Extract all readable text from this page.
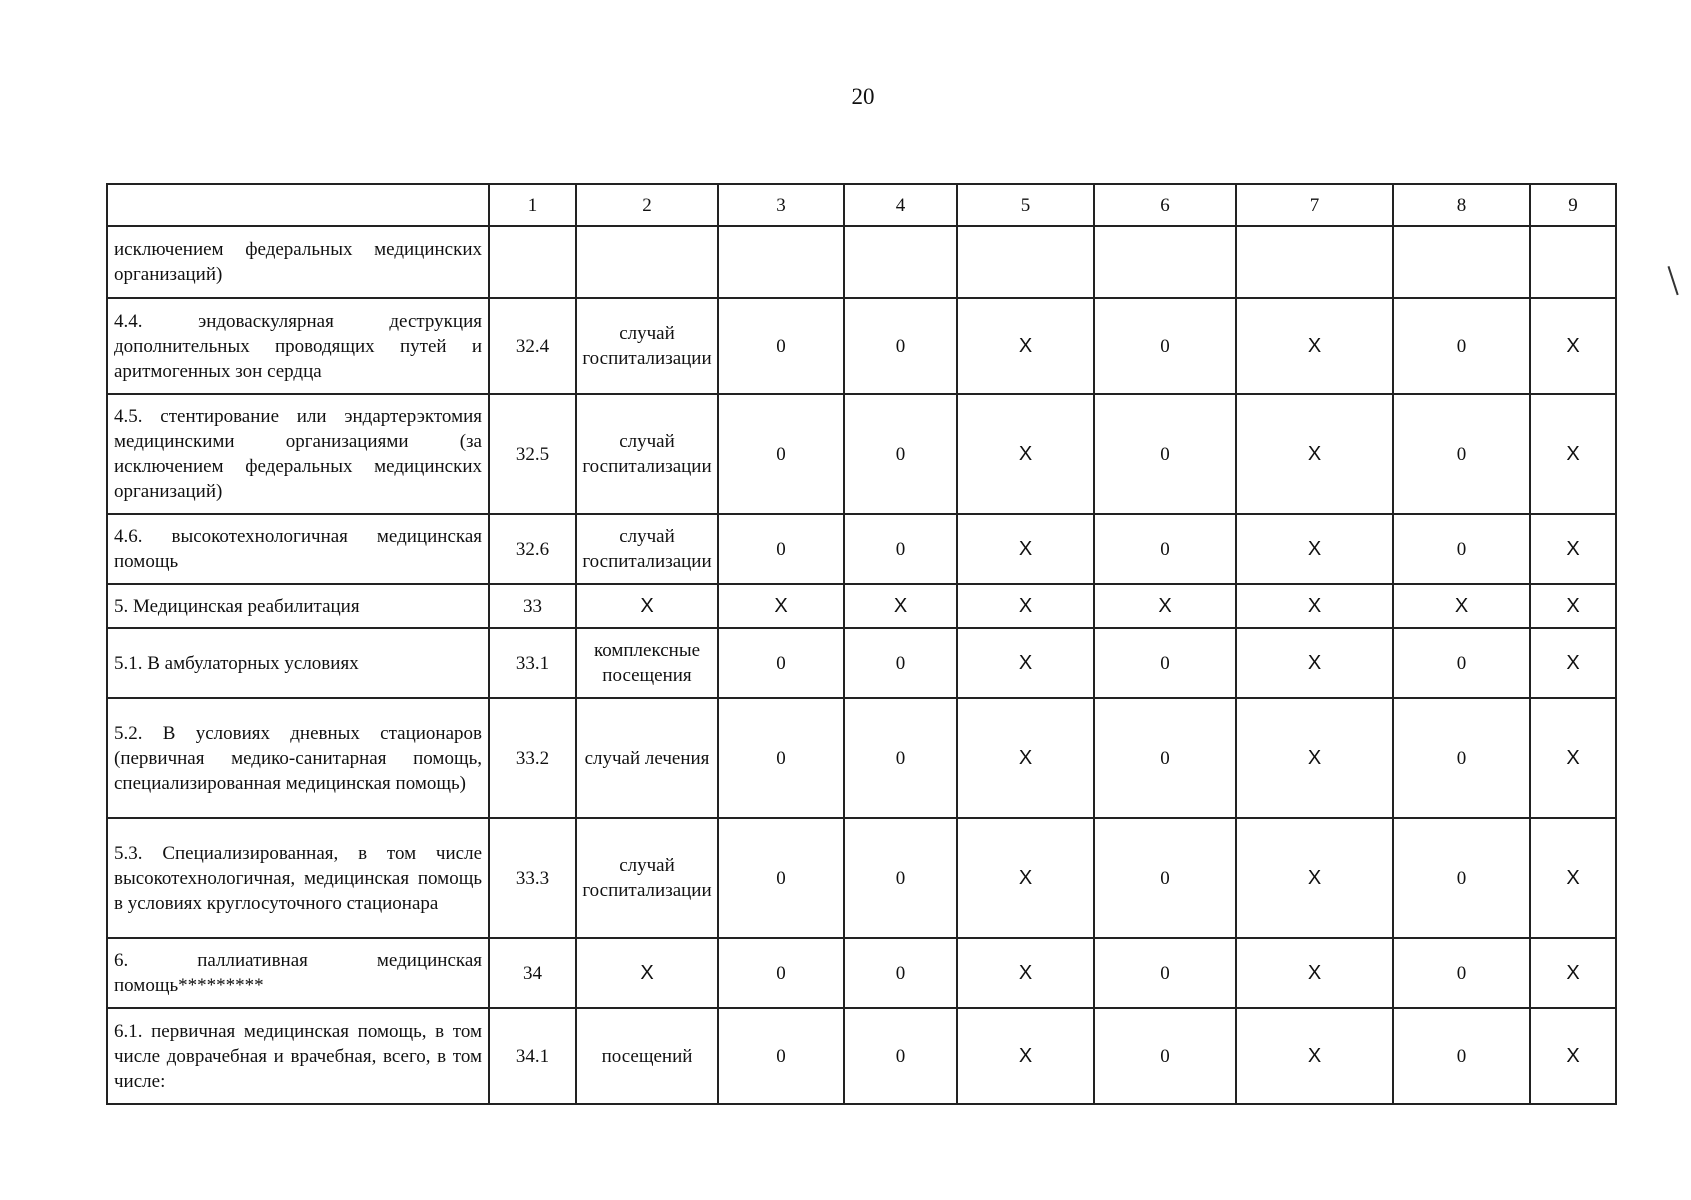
20
	1	2	3	4	5	6	7	8	9
исключением федеральных медицинских организаций)									
4.4. эндоваскулярная деструкция дополнительных проводящих путей и аритмогенных зон сердца	32.4	случай госпитализации	0	0	Х	0	Х	0	Х
4.5. стентирование или эндартерэктомия медицинскими организациями (за исключением федеральных медицинских организаций)	32.5	случай госпитализации	0	0	Х	0	Х	0	Х
4.6. высокотехнологичная медицинская помощь	32.6	случай госпитализации	0	0	Х	0	Х	0	Х
5. Медицинская реабилитация	33	Х	Х	Х	Х	Х	Х	Х	Х
5.1. В амбулаторных условиях	33.1	комплексные посещения	0	0	Х	0	Х	0	Х
5.2. В условиях дневных стационаров (первичная медико-санитарная помощь, специализированная медицинская помощь)	33.2	случай лечения	0	0	Х	0	Х	0	Х
5.3. Специализированная, в том числе высокотехнологичная, медицинская помощь в условиях круглосуточного стационара	33.3	случай госпитализации	0	0	Х	0	Х	0	Х
6. паллиативная медицинская помощь*********	34	Х	0	0	Х	0	Х	0	Х
6.1. первичная медицинская помощь, в том числе доврачебная и врачебная, всего, в том числе:	34.1	посещений	0	0	Х	0	Х	0	Х
